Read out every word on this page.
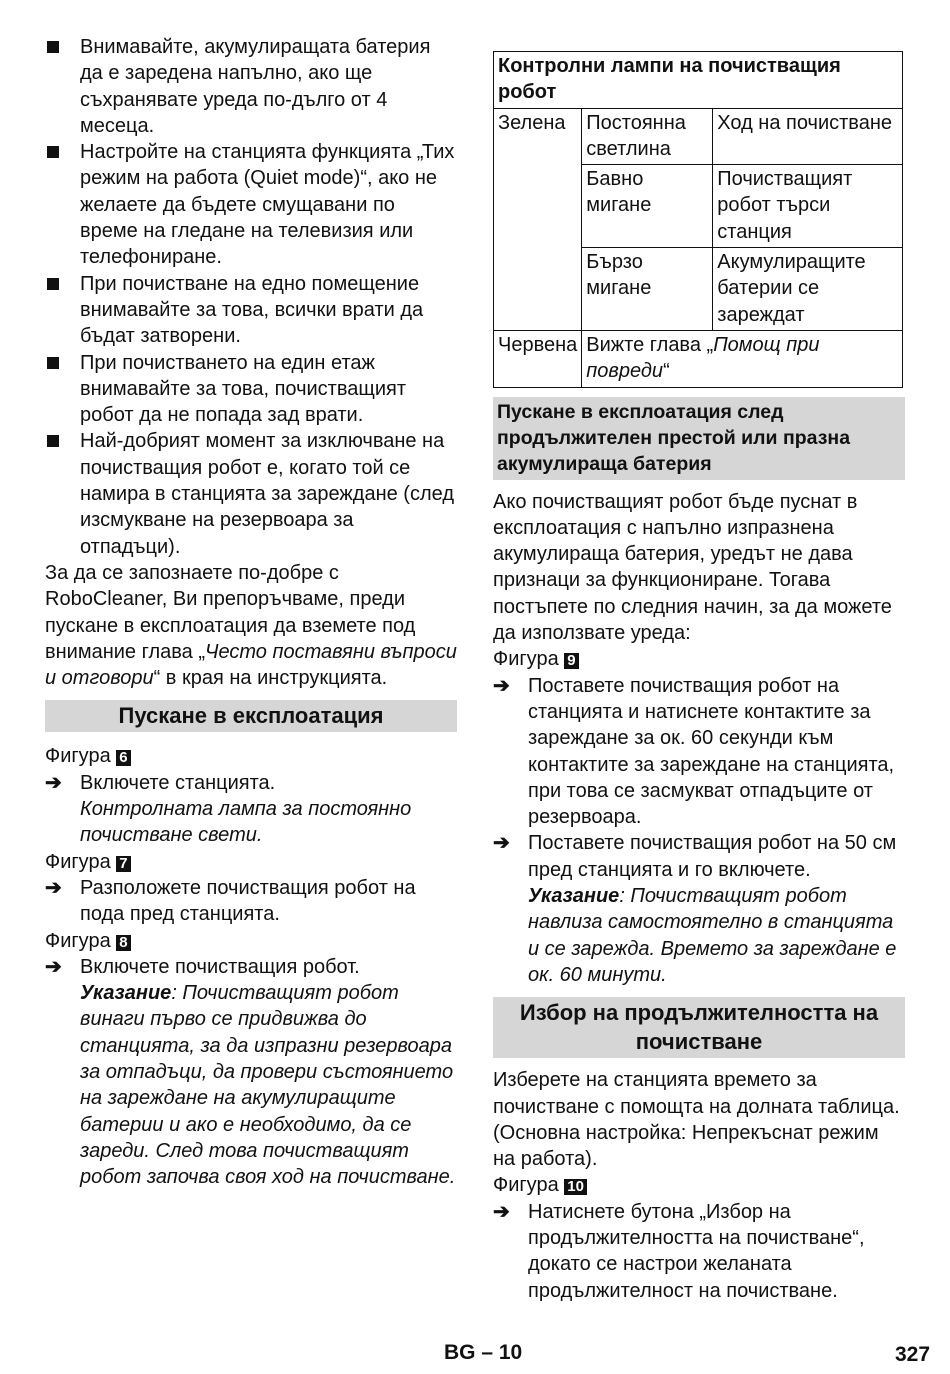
Внимавайте, акумулиращата батерия да е заредена напълно, ако ще съхранявате уреда по-дълго от 4 месеца.
Настройте на станцията функцията „Тих режим на работа (Quiet mode)“, ако не желаете да бъдете смущавани по време на гледане на телевизия или телефониране.
При почистване на едно помещение внимавайте за това, всички врати да бъдат затворени.
При почистването на един етаж внимавайте за това, почистващият робот да не попада зад врати.
Най-добрият момент за изключване на почистващия робот е, когато той се намира в станцията за зареждане (след изсмукване на резервоара за отпадъци).
За да се запознаете по-добре с RoboCleaner, Ви препоръчваме, преди пускане в експлоатация да вземете под внимание глава „Често поставяни въпроси и отговори“ в края на инструкцията.
Пускане в експлоатация
Фигура 6
➔ Включете станцията.
Контролната лампа за постоянно почистване свети.
Фигура 7
➔ Разположете почистващия робот на пода пред станцията.
Фигура 8
➔ Включете почистващия робот.
Указание: Почистващият робот винаги първо се придвижва до станцията, за да изпразни резервоара за отпадъци, да провери състоянието на зареждане на акумулиращите батерии и ако е необходимо, да се зареди. След това почистващият робот започва своя ход на почистване.
Контролни лампи на почистващия робот		
Зелена	Постоянна светлина	Ход на почистване
	Бавно мигане	Почистващият робот търси станция
	Бързо мигане	Акумулиращите батерии се зареждат
Червена	Вижте глава „Помощ при повреди“	
Пускане в експлоатация след продължителен престой или празна акумулираща батерия
Ако почистващият робот бъде пуснат в експлоатация с напълно изпразнена акумулираща батерия, уредът не дава признаци за функциониране. Тогава постъпете по следния начин, за да можете да използвате уреда:
Фигура 9
➔ Поставете почистващия робот на станцията и натиснете контактите за зареждане за ок. 60 секунди към контактите за зареждане на станцията, при това се засмукват отпадъците от резервоара.
➔ Поставете почистващия робот на 50 см пред станцията и го включете.
Указание: Почистващият робот навлиза самостоятелно в станцията и се зарежда. Времето за зареждане е ок. 60 минути.
Избор на продължителността на почистване
Изберете на станцията времето за почистване с помощта на долната таблица. (Основна настройка: Непрекъснат режим на работа).
Фигура 10
➔ Натиснете бутона „Избор на продължителността на почистване“, докато се настрои желаната продължителност на почистване.
BG – 10	327
